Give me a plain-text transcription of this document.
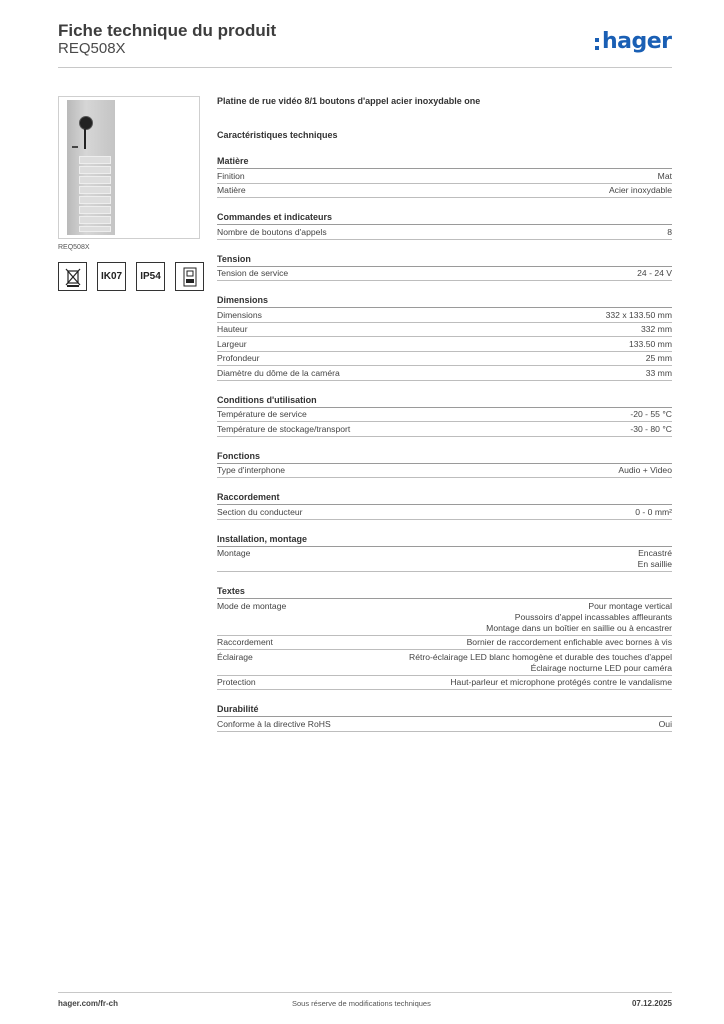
Fiche technique du produit
REQ508X	hager
REQ508X
IK07	IP54
Platine de rue vidéo 8/1 boutons d'appel acier inoxydable one
Caractéristiques techniques
Matière
Finition	Mat
Matière	Acier inoxydable
Commandes et indicateurs
Nombre de boutons d'appels	8
Tension
Tension de service	24 - 24 V
Dimensions
Dimensions	332 x 133.50 mm
Hauteur	332 mm
Largeur	133.50 mm
Profondeur	25 mm
Diamètre du dôme de la caméra	33 mm
Conditions d'utilisation
Température de service	-20 - 55 °C
Température de stockage/transport	-30 - 80 °C
Fonctions
Type d'interphone	Audio + Video
Raccordement
Section du conducteur	0 - 0 mm²
Installation, montage
Montage	Encastré
En saillie
Textes
Mode de montage	Pour montage vertical
Poussoirs d'appel incassables affleurants
Montage dans un boîtier en saillie ou à encastrer
Raccordement	Bornier de raccordement enfichable avec bornes à vis
Éclairage	Rétro-éclairage LED blanc homogène et durable des touches d'appel
Éclairage nocturne LED pour caméra
Protection	Haut-parleur et microphone protégés contre le vandalisme
Durabilité
Conforme à la directive RoHS	Oui
hager.com/fr-ch	Sous réserve de modifications techniques	07.12.2025
